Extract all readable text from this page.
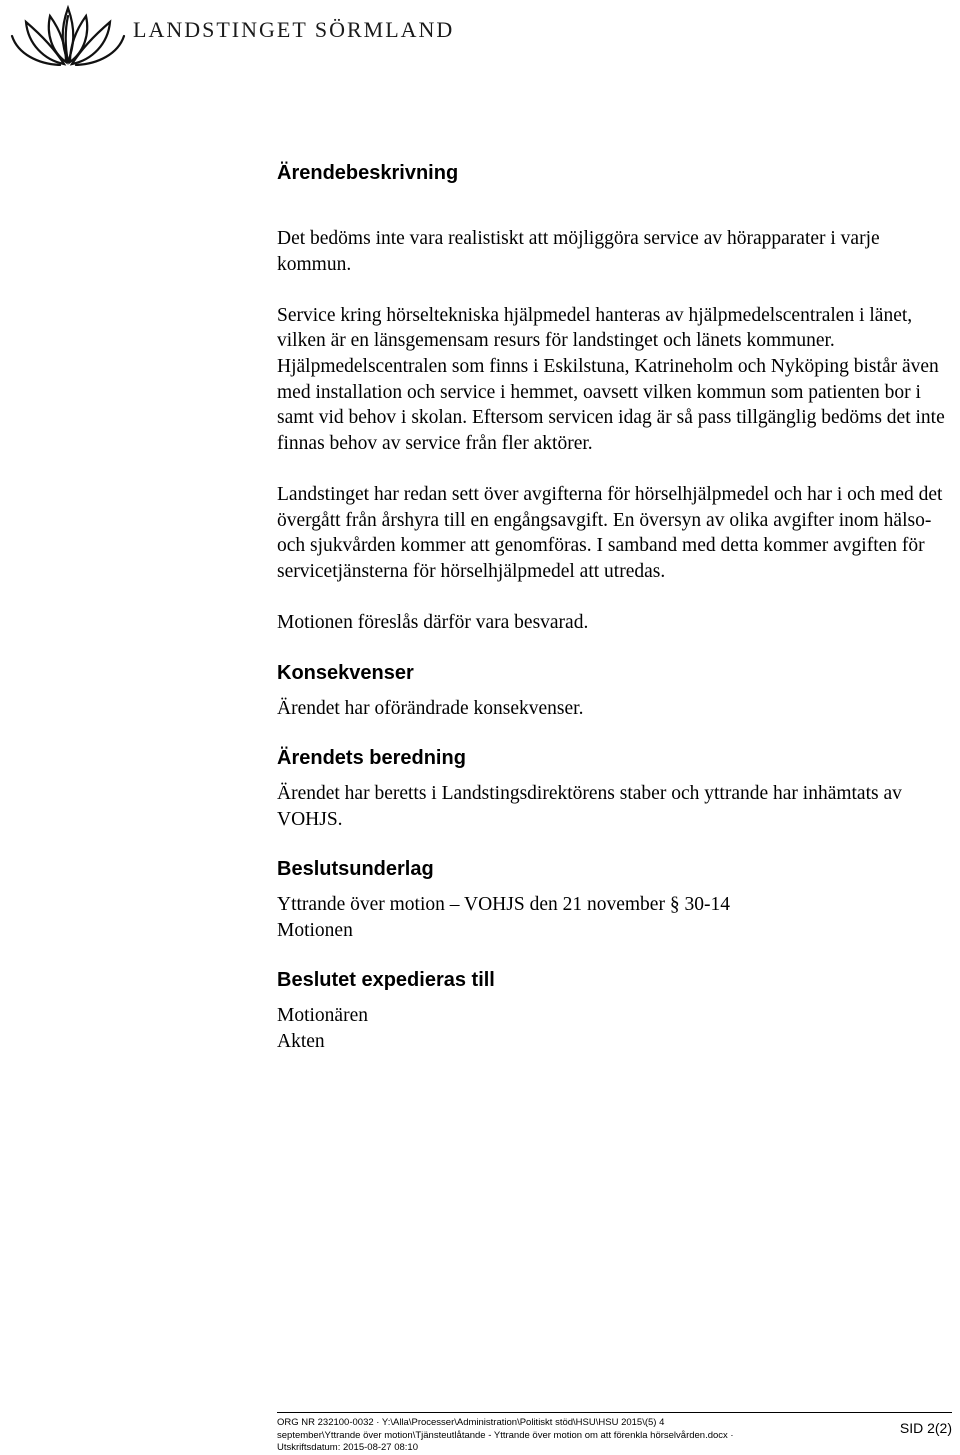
LANDSTINGET SÖRMLAND
Ärendebeskrivning

Det bedöms inte vara realistiskt att möjliggöra service av hörapparater i varje kommun.

Service kring hörseltekniska hjälpmedel hanteras av hjälpmedelscentralen i länet, vilken är en länsgemensam resurs för landstinget och länets kommuner. Hjälpmedelscentralen som finns i Eskilstuna, Katrineholm och Nyköping bistår även med installation och service i hemmet, oavsett vilken kommun som patienten bor i samt vid behov i skolan. Eftersom servicen idag är så pass tillgänglig bedöms det inte finnas behov av service från fler aktörer.

Landstinget har redan sett över avgifterna för hörselhjälpmedel och har i och med det övergått från årshyra till en engångsavgift. En översyn av olika avgifter inom hälso- och sjukvården kommer att genomföras. I samband med detta kommer avgiften för servicetjänsterna för hörselhjälpmedel att utredas.

Motionen föreslås därför vara besvarad.

Konsekvenser

Ärendet har oförändrade konsekvenser.

Ärendets beredning

Ärendet har beretts i Landstingsdirektörens staber och yttrande har inhämtats av VOHJS.

Beslutsunderlag

Yttrande över motion – VOHJS den 21 november § 30-14

Motionen

Beslutet expedieras till

Motionären

Akten

ORG NR 232100-0032 · Y:\Alla\Processer\Administration\Politiskt stöd\HSU\HSU 2015\(5) 4 september\Yttrande över motion\Tjänsteutlåtande - Yttrande över motion om att förenkla hörselvården.docx · Utskriftsdatum: 2015-08-27 08:10
SID 2(2)
